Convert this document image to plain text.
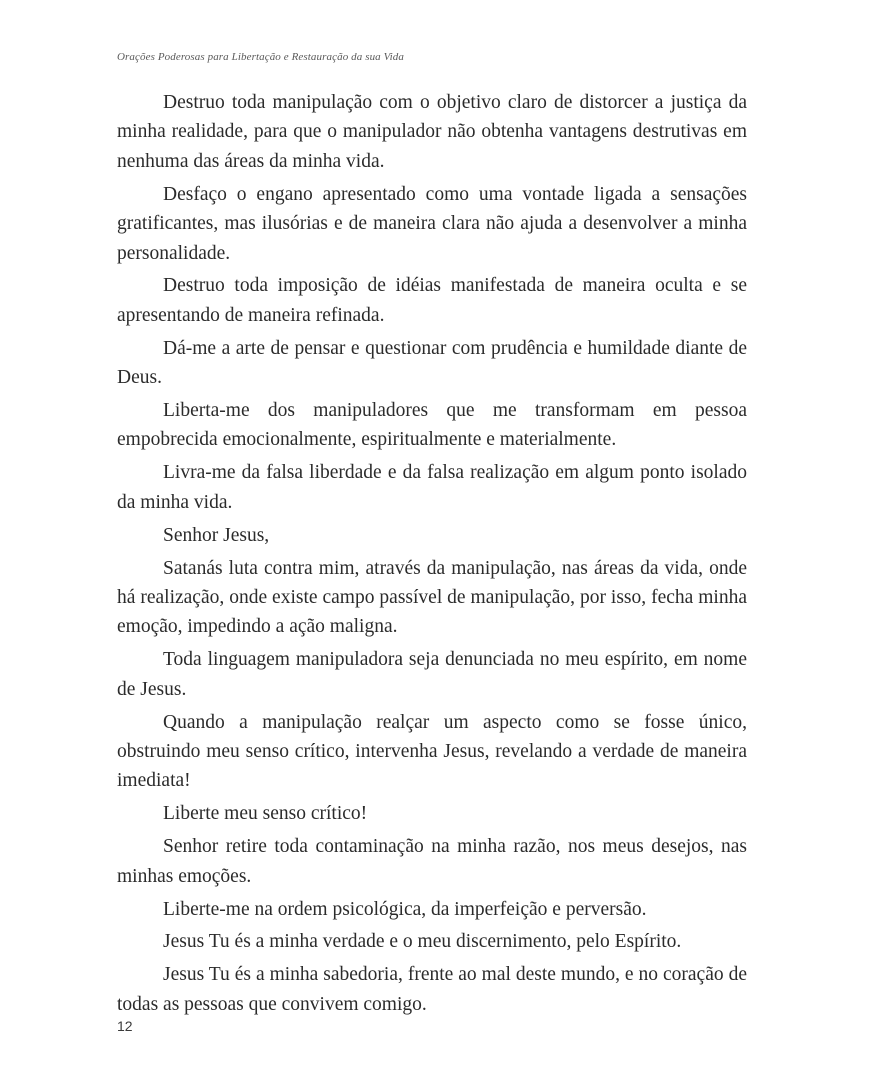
Orações Poderosas para Libertação e Restauração da sua Vida

Destruo toda manipulação com o objetivo claro de distorcer a justiça da minha realidade, para que o manipulador não obtenha vantagens destrutivas em nenhuma das áreas da minha vida.

Desfaço o engano apresentado como uma vontade ligada a sensações gratificantes, mas ilusórias e de maneira clara não ajuda a desenvolver a minha personalidade.

Destruo toda imposição de idéias manifestada de maneira oculta e se apresentando de maneira refinada.

Dá-me a arte de pensar e questionar com prudência e humildade diante de Deus.

Liberta-me dos manipuladores que me transformam em pessoa empobrecida emocionalmente, espiritualmente e materialmente.

Livra-me da falsa liberdade e da falsa realização em algum ponto isolado da minha vida.

Senhor Jesus,

Satanás luta contra mim, através da manipulação, nas áreas da vida, onde há realização, onde existe campo passível de manipulação, por isso, fecha minha emoção, impedindo a ação maligna.

Toda linguagem manipuladora seja denunciada no meu espírito, em nome de Jesus.

Quando a manipulação realçar um aspecto como se fosse único, obstruindo meu senso crítico, intervenha Jesus, revelando a verdade de maneira imediata!

Liberte meu senso crítico!

Senhor retire toda contaminação na minha razão, nos meus desejos, nas minhas emoções.

Liberte-me na ordem psicológica, da imperfeição e perversão.

Jesus Tu és a minha verdade e o meu discernimento, pelo Espírito.

Jesus Tu és a minha sabedoria, frente ao mal deste mundo, e no coração de todas as pessoas que convivem comigo.

12
